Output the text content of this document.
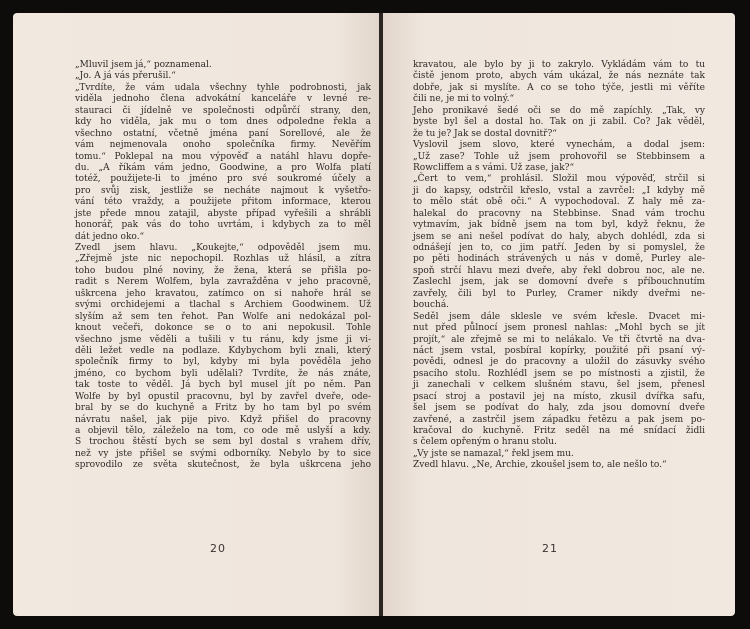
„Mluvil jsem já,“ poznamenal.
„Jo. A já vás přerušil.“
„Tvrdíte, že vám udala všechny tyhle podrobnosti, jak
viděla jednoho člena advokátní kanceláře v levné re-
stauraci či jídelně ve společnosti odpůrčí strany, den,
kdy ho viděla, jak mu o tom dnes odpoledne řekla a
všechno ostatní, včetně jména paní Sorellové, ale že
vám nejmenovala onoho společníka firmy. Nevěřím
tomu.“ Poklepal na mou výpověď a natáhl hlavu dopře-
du. „A říkám vám jedno, Goodwine, a pro Wolfa platí
totéž, použijete-li to jméno pro své soukromé účely a
pro svůj zisk, jestliže se necháte najmout k vyšetřo-
vání této vraždy, a použijete přitom informace, kterou
jste přede mnou zatajil, abyste případ vyřešili a shrábli
honorář, pak vás do toho uvrtám, i kdybych za to měl
dát jedno oko.“
Zvedl jsem hlavu. „Koukejte,“ odpověděl jsem mu.
„Zřejmě jste nic nepochopil. Rozhlas už hlásil, a zítra
toho budou plné noviny, že žena, která se přišla po-
radit s Nerem Wolfem, byla zavražděna v jeho pracovně,
uškrcena jeho kravatou, zatímco on si nahoře hrál se
svými orchidejemi a tlachal s Archiem Goodwinem. Už
slyším až sem ten řehot. Pan Wolfe ani nedokázal pol-
knout večeři, dokonce se o to ani nepokusil. Tohle
všechno jsme věděli a tušili v tu ránu, kdy jsme ji vi-
děli ležet vedle na podlaze. Kdybychom byli znali, který
společník firmy to byl, kdyby mi byla pověděla jeho
jméno, co bychom byli udělali? Tvrdíte, že nás znáte,
tak toste to věděl. Já bych byl musel jít po něm. Pan
Wolfe by byl opustil pracovnu, byl by zavřel dveře, ode-
bral by se do kuchyně a Fritz by ho tam byl po svém
návratu našel, jak pije pivo. Když přišel do pracovny
a objevil tělo, záleželo na tom, co ode mě uslyší a kdy.
S trochou štěstí bych se sem byl dostal s vrahem dřív,
než vy jste přišel se svými odborníky. Nebylo by to sice
sprovodilo ze světa skutečnost, že byla uškrcena jeho
20
kravatou, ale bylo by ji to zakrylo. Vykládám vám to tu
čistě jenom proto, abych vám ukázal, že nás neznáte tak
dobře, jak si myslíte. A co se toho týče, jestli mi věříte
čili ne, je mi to volný.“
Jeho pronikavé šedé oči se do mě zapíchly. „Tak, vy
byste byl šel a dostal ho. Tak on ji zabil. Co? Jak věděl,
že tu je? Jak se dostal dovnitř?“
Vyslovil jsem slovo, které vynechám, a dodal jsem:
„Už zase? Tohle už jsem prohovořil se Stebbinsem a
Rowcliffem a s vámi. Už zase, jak?“
„Čert to vem,“ prohlásil. Složil mou výpověď, strčil si
ji do kapsy, odstrčil křeslo, vstal a zavrčel: „I kdyby mě
to mělo stát obě oči.“ A vypochodoval. Z haly mě za-
halekal do pracovny na Stebbinse. Snad vám trochu
vytmavím, jak bídně jsem na tom byl, když řeknu, že
jsem se ani nešel podívat do haly, abych dohlédl, zda si
odnášejí jen to, co jim patří. Jeden by si pomyslel, že
po pěti hodinách strávených u nás v domě, Purley ale-
spoň strčí hlavu mezi dveře, aby řekl dobrou noc, ale ne.
Zaslechl jsem, jak se domovní dveře s příbouchnutím
zavřely, čili byl to Purley, Cramer nikdy dveřmi ne-
bouchá.
Seděl jsem dále sklesle ve svém křesle. Dvacet mi-
nut před půlnocí jsem pronesl nahlas: „Mohl bych se jít
projít,“ ale zřejmě se mi to nelákalo. Ve tři čtvrtě na dva-
náct jsem vstal, posbíral kopírky, použité při psaní vý-
povědi, odnesl je do pracovny a uložil do zásuvky svého
psacího stolu. Rozhlédl jsem se po místnosti a zjistil, že
ji zanechali v celkem slušném stavu, šel jsem, přenesl
psací stroj a postavil jej na místo, zkusil dvířka safu,
šel jsem se podívat do haly, zda jsou domovní dveře
zavřené, a zastrčil jsem západku řetězu a pak jsem po-
kračoval do kuchyně. Fritz seděl na mé snídací židli
s čelem opřeným o hranu stolu.
„Vy jste se namazal,“ řekl jsem mu.
Zvedl hlavu. „Ne, Archie, zkoušel jsem to, ale nešlo to.“
21
